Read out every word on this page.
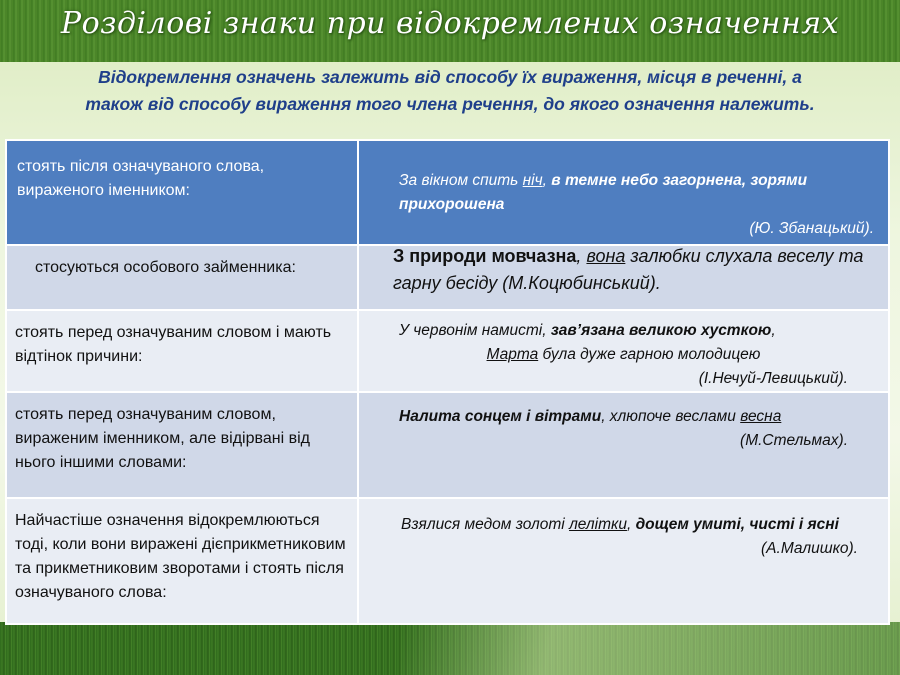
Розділові знаки при відокремлених означеннях
Відокремлення означень залежить від способу їх вираження, місця в реченні, а
також від способу вираження того члена речення, до якого означення належить.
стоять після означуваного слова, вираженого іменником:	За вікном спить ніч, в темне небо загорнена, зорями прихорошена
(Ю. Збанацький).

стосуються особового займенника:	З природи мовчазна, вона залюбки слухала веселу та гарну бесіду (М.Коцюбинський).

стоять перед означуваним словом і мають відтінок причини:	У червонім намисті, зав’язана великою хусткою,
Марта була дуже гарною молодицею
(І.Нечуй-Левицький).

стоять перед означуваним словом, вираженим іменником, але відірвані від нього іншими словами:	Налита сонцем і вітрами, хлюпоче веслами весна
(М.Стельмах).

Найчастіше означення відокремлюються тоді, коли вони виражені дієприкметниковим та прикметниковим зворотами і стоять після означуваного слова:	Взялися медом золоті лелітки, дощем умиті, чисті і ясні
(А.Малишко).
